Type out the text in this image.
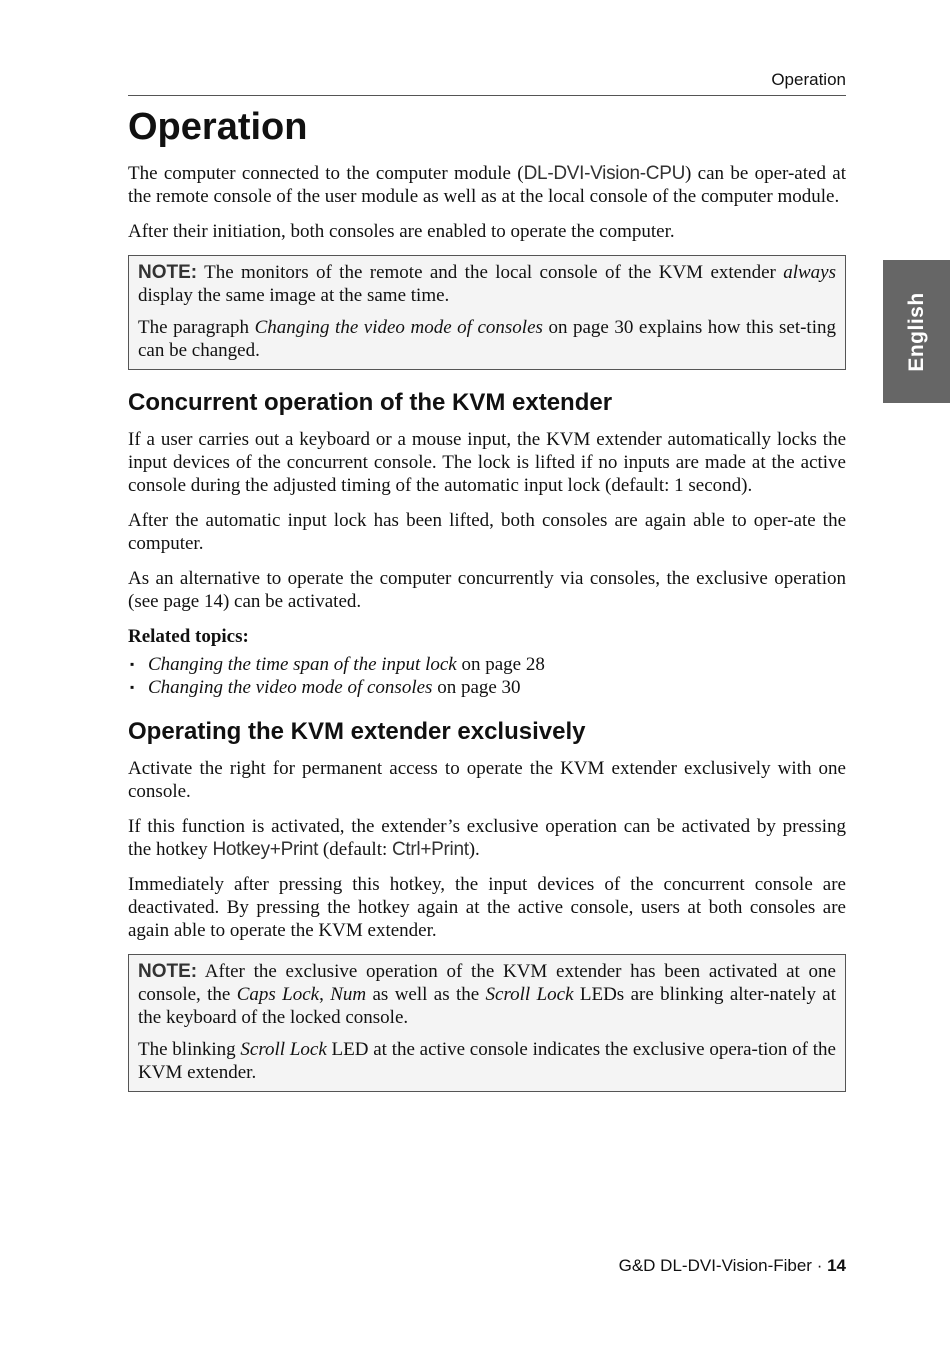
Operation
English
Operation

The computer connected to the computer module (DL-DVI-Vision-CPU) can be oper-ated at the remote console of the user module as well as at the local console of the computer module.

After their initiation, both consoles are enabled to operate the computer.

NOTE: The monitors of the remote and the local console of the KVM extender always display the same image at the same time.

The paragraph Changing the video mode of consoles on page 30 explains how this set-ting can be changed.

Concurrent operation of the KVM extender

If a user carries out a keyboard or a mouse input, the KVM extender automatically locks the input devices of the concurrent console. The lock is lifted if no inputs are made at the active console during the adjusted timing of the automatic input lock (default: 1 second).

After the automatic input lock has been lifted, both consoles are again able to oper-ate the computer.

As an alternative to operate the computer concurrently via consoles, the exclusive operation (see page 14) can be activated.

Related topics:
▪ Changing the time span of the input lock on page 28
▪ Changing the video mode of consoles on page 30
Operating the KVM extender exclusively

Activate the right for permanent access to operate the KVM extender exclusively with one console.

If this function is activated, the extender’s exclusive operation can be activated by pressing the hotkey Hotkey+Print (default: Ctrl+Print).

Immediately after pressing this hotkey, the input devices of the concurrent console are deactivated. By pressing the hotkey again at the active console, users at both consoles are again able to operate the KVM extender.

NOTE: After the exclusive operation of the KVM extender has been activated at one console, the Caps Lock, Num as well as the Scroll Lock LEDs are blinking alter-nately at the keyboard of the locked console.

The blinking Scroll Lock LED at the active console indicates the exclusive opera-tion of the KVM extender.

G&D DL-DVI-Vision-Fiber · 14
